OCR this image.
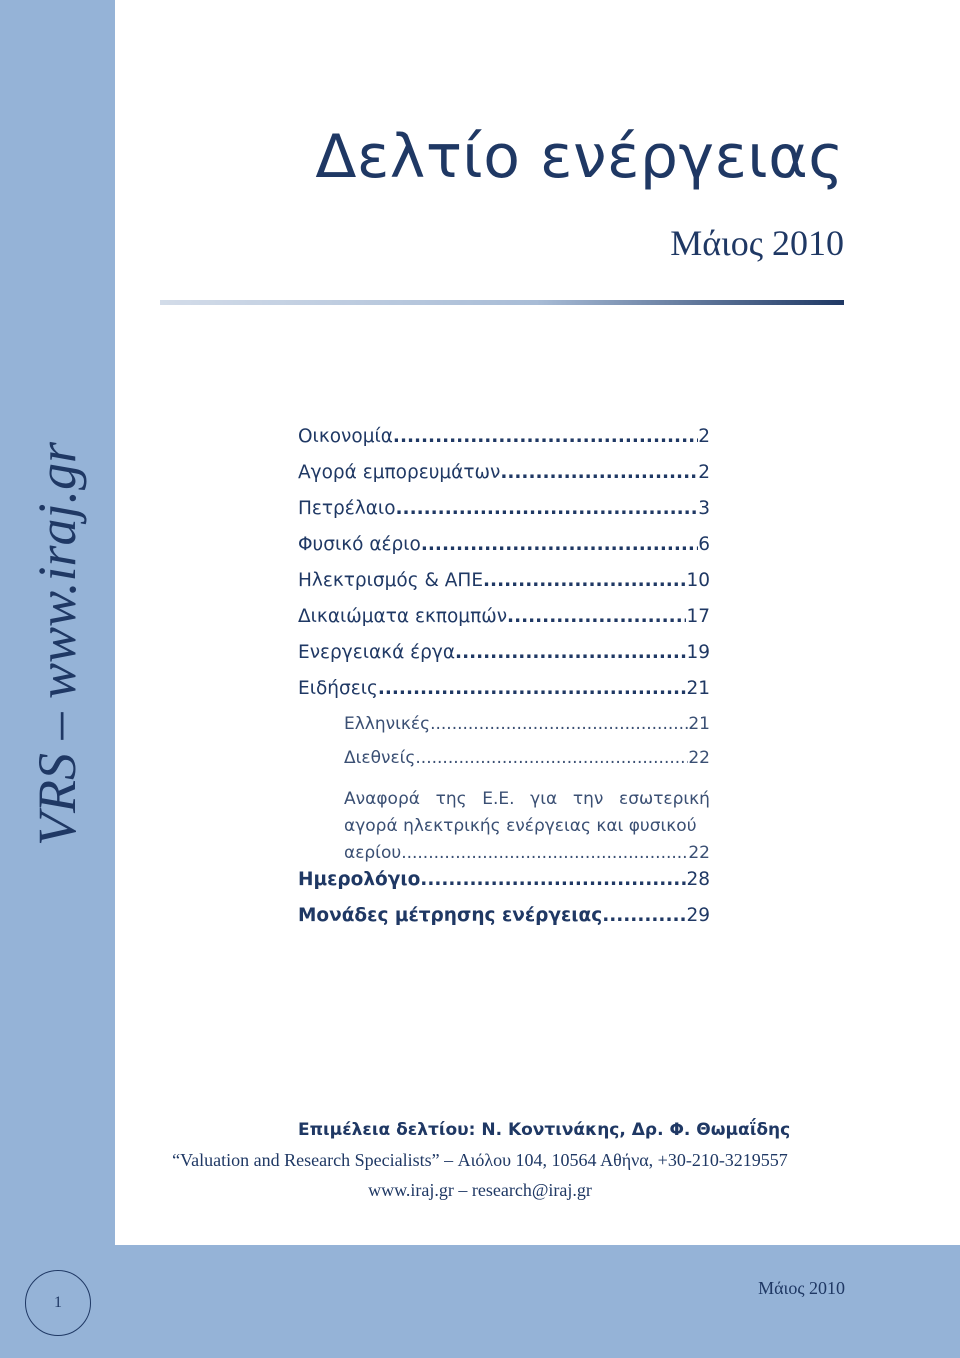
VRS – www.iraj.gr
Δελτίο ενέργειας
Μάιος 2010
Οικονομία .....	2
Αγορά εμπορευμάτων .....	2
Πετρέλαιο .....	3
Φυσικό αέριο .....	6
Ηλεκτρισμός & ΑΠΕ .....	10
Δικαιώματα εκπομπών .....	17
Ενεργειακά έργα .....	19
Ειδήσεις .....	21
Ελληνικές .....	21
Διεθνείς .....	22
Αναφορά της Ε.Ε. για την εσωτερική
αγορά ηλεκτρικής ενέργειας και φυσικού
αερίου .....	22
Ημερολόγιο .....	28
Μονάδες μέτρησης ενέργειας .....	29
Επιμέλεια δελτίου: Ν. Κοντινάκης, Δρ. Φ. Θωμαΐδης
“Valuation and Research Specialists” – Αιόλου 104, 10564 Αθήνα, +30-210-3219557
www.iraj.gr – research@iraj.gr
1
Μάιος 2010
